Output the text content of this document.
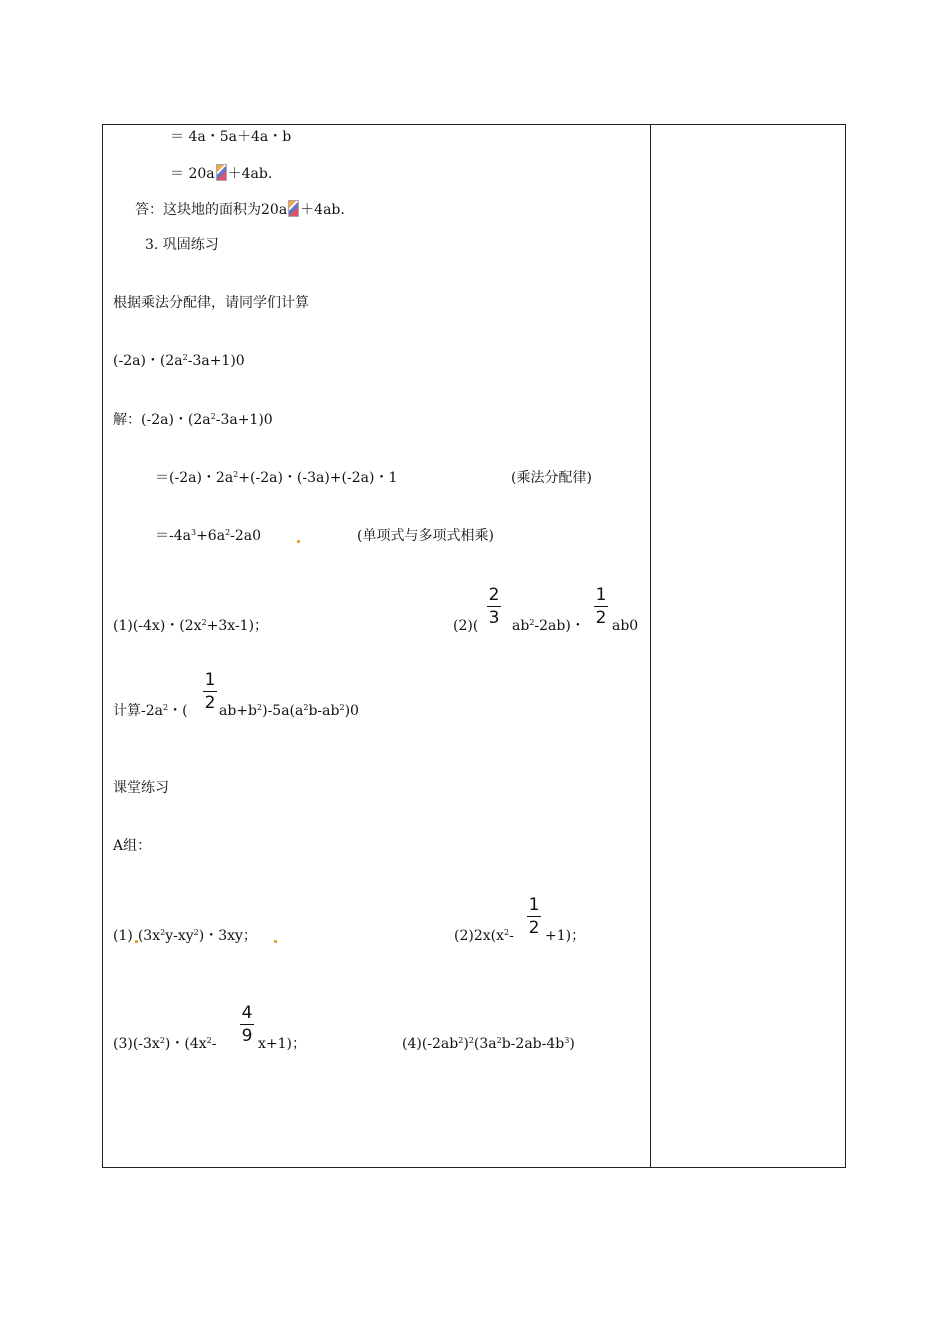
＝ 4a・5a＋4a・b
＝ 20a ＋4ab.
答：这块地的面积为20a ＋4ab.
3. 巩固练习
根据乘法分配律，请同学们计算
(-2a)・$(2a^2-3a+1)0$
解：(-2a)・$(2a^2-3a+1)0$
＝(-2a)・$2a^2+(-2a)$・(-3a)+(-2a)・1	(乘法分配律)
$=-4a^3+6a^2-2a0$	(单项式与多项式相乘)
(1)(-4x)・$(2x^2+3x-1)$；	(2)(
2
3 $ab^2-2ab$)・
1
2 ab0
计算$-2a^2$・(
1
2 $ab+b^2)-5a(a^2b-ab^2)0$
课堂练习
A组：
(1) $(3x^2y-xy^2)$・3xy；	$(2)2x(x^2-$
1
2 +1)；
$(3)(-3x^2)$・($4x^2-$
4
9 x+1)；	$(4)(-2ab^2)^2(3a^2b-2ab-4b^3)$
